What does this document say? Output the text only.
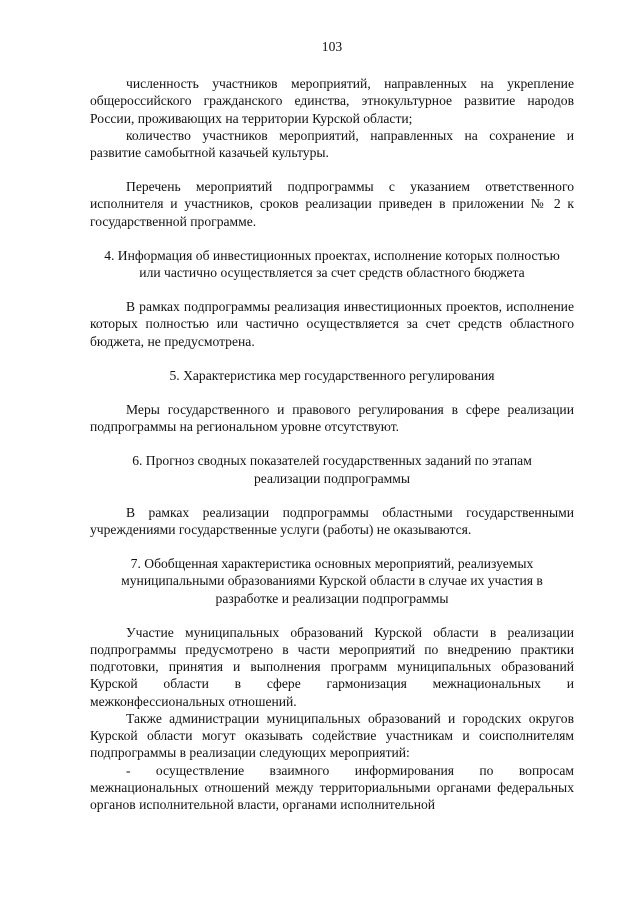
103

численность участников мероприятий, направленных на укрепление общероссийского гражданского единства, этнокультурное развитие народов России, проживающих на территории Курской области;

количество участников мероприятий, направленных на сохранение и развитие самобытной казачьей культуры.

Перечень мероприятий подпрограммы с указанием ответственного исполнителя и участников, сроков реализации приведен в приложении № 2 к государственной программе.

4. Информация об инвестиционных проектах, исполнение которых полностью или частично осуществляется за счет средств областного бюджета

В рамках подпрограммы реализация инвестиционных проектов, исполнение которых полностью или частично осуществляется за счет средств областного бюджета, не предусмотрена.

5. Характеристика мер государственного регулирования

Меры государственного и правового регулирования в сфере реализации подпрограммы на региональном уровне отсутствуют.

6. Прогноз сводных показателей государственных заданий по этапам реализации подпрограммы

В рамках реализации подпрограммы областными государственными учреждениями государственные услуги (работы) не оказываются.

7. Обобщенная характеристика основных мероприятий, реализуемых муниципальными образованиями Курской области в случае их участия в разработке и реализации подпрограммы

Участие муниципальных образований Курской области в реализации подпрограммы предусмотрено в части мероприятий по внедрению практики подготовки, принятия и выполнения программ муниципальных образований Курской области в сфере гармонизация межнациональных и межконфессиональных отношений.

Также администрации муниципальных образований и городских округов Курской области могут оказывать содействие участникам и соисполнителям подпрограммы в реализации следующих мероприятий:

- осуществление взаимного информирования по вопросам межнациональных отношений между территориальными органами федеральных органов исполнительной власти, органами исполнительной
